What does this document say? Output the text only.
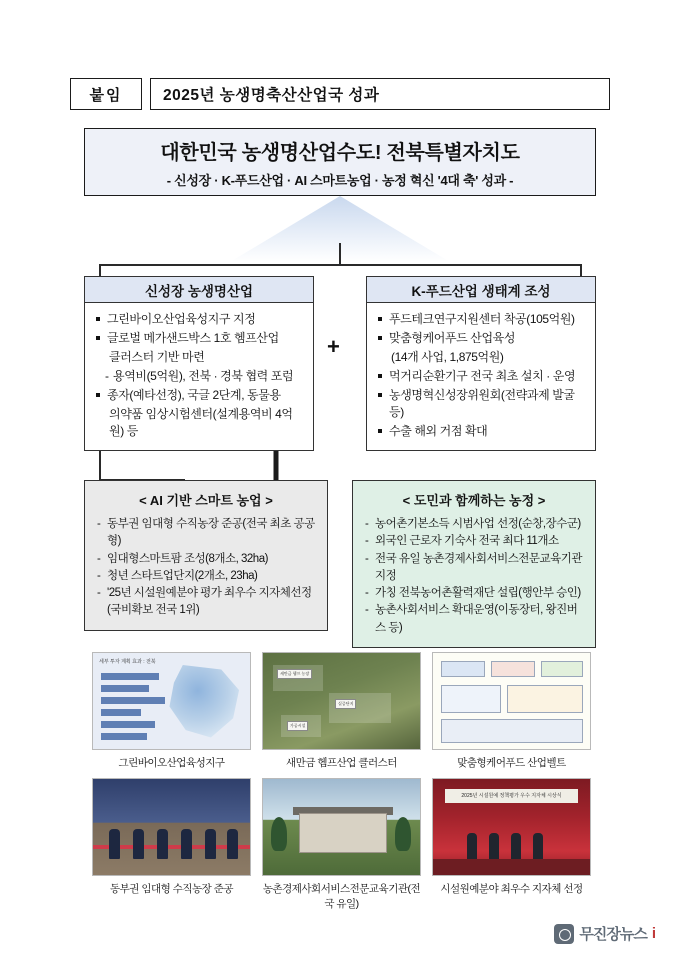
붙임	2025년 농생명축산산업국 성과
대한민국 농생명산업수도! 전북특별자치도
- 신성장 · K-푸드산업 · AI 스마트농업 · 농정 혁신 '4대 축' 성과 -
+
신성장 농생명산업
그린바이오산업육성지구 지정
글로벌 메가샌드박스 1호 헴프산업
클러스터 기반 마련
- 용역비(5억원), 전북 · 경북 협력 포럼
종자(예타선정), 국글 2단계, 동물용
의약품 임상시험센터(설계용역비 4억원) 등
K-푸드산업 생태계 조성
푸드테크연구지원센터 착공(105억원)
맞춤형케어푸드 산업육성
(14개 사업, 1,875억원)
먹거리순환기구 전국 최초 설치 · 운영
농생명혁신성장위원회(전략과제 발굴 등)
수출 해외 거점 확대
< AI 기반 스마트 농업 >
- 동부권 임대형 수직농장 준공(전국 최초 공공형)
- 임대형스마트팜 조성(8개소, 32ha)
- 청년 스타트업단지(2개소, 23ha)
- '25년 시설원예분야 평가 최우수 지자체선정
(국비확보 전국 1위)
< 도민과 함께하는 농정 >
- 농어촌기본소득 시범사업 선정(순창,장수군)
- 외국인 근로자 기숙사 전국 최다 11개소
- 전국 유일 농촌경제사회서비스전문교육기관 지정
- 가칭 전북농어촌활력재단 설립(행안부 승인)
- 농촌사회서비스 확대운영(이동장터, 왕진버스 등)
세부 투자 계획 효과 : 전북
그린바이오산업육성지구
새만금 헴프 농장
실증단지
가공시설
새만금 헴프산업 클러스터	맞춤형케어푸드 산업벨트
동부권 임대형 수직농장 준공	농촌경제사회서비스전문교육기관(전국 유일)
2025년 시설원예 정책평가 우수 지자체 시상식
시설원예분야 최우수 지자체 선정
무진장뉴스 i
